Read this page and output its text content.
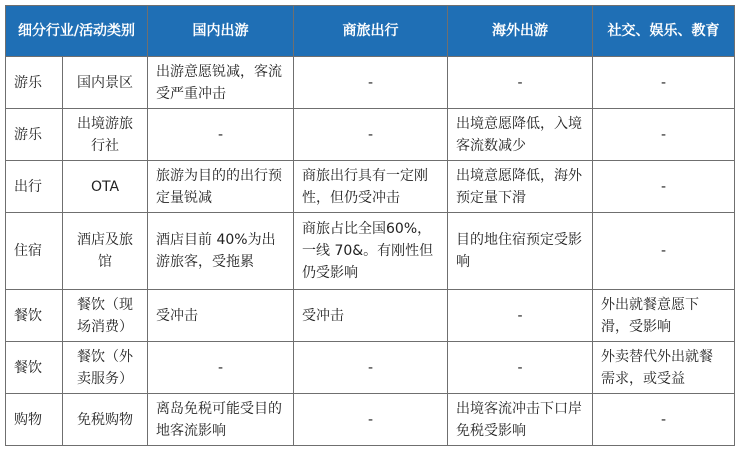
细分行业/活动类别		国内出游	商旅出行	海外出游	社交、娱乐、教育
游乐	国内景区	出游意愿锐减，客流受严重冲击	-	-	-
游乐	出境游旅行社	-	-	出境意愿降低，入境客流数减少	-
出行	OTA	旅游为目的的出行预定量锐减	商旅出行具有一定刚性，但仍受冲击	出境意愿降低，海外预定量下滑	-
住宿	酒店及旅馆	酒店目前 40%为出游旅客，受拖累	商旅占比全国60%，一线 70&。有刚性但仍受影响	目的地住宿预定受影响	-
餐饮	餐饮（现场消费）	受冲击	受冲击	-	外出就餐意愿下滑，受影响
餐饮	餐饮（外卖服务）	-	-	-	外卖替代外出就餐需求，或受益
购物	免税购物	离岛免税可能受目的地客流影响	-	出境客流冲击下口岸免税受影响	-
